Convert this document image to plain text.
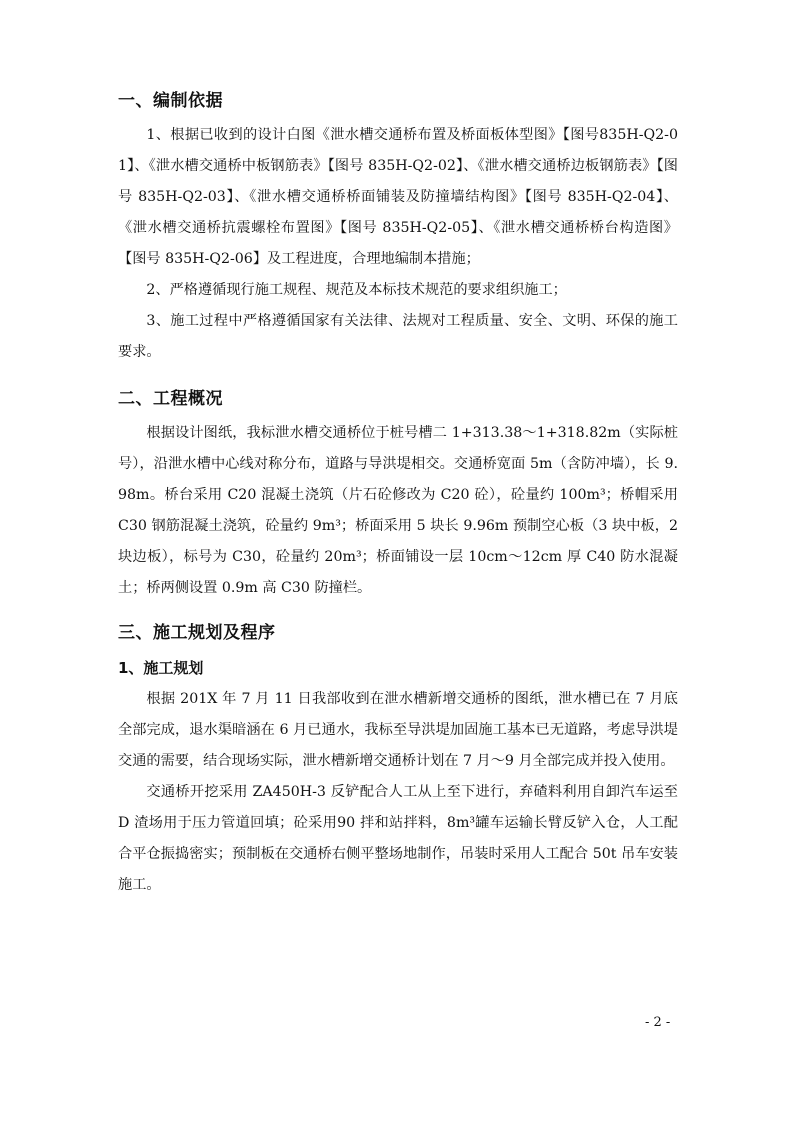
一、编制依据

1、根据已收到的设计白图《泄水槽交通桥布置及桥面板体型图》【图号835H-Q2-01】、《泄水槽交通桥中板钢筋表》【图号 835H-Q2-02】、《泄水槽交通桥边板钢筋表》【图号 835H-Q2-03】、《泄水槽交通桥桥面铺装及防撞墙结构图》【图号 835H-Q2-04】、《泄水槽交通桥抗震螺栓布置图》【图号 835H-Q2-05】、《泄水槽交通桥桥台构造图》【图号 835H-Q2-06】及工程进度，合理地编制本措施；

2、严格遵循现行施工规程、规范及本标技术规范的要求组织施工；

3、施工过程中严格遵循国家有关法律、法规对工程质量、安全、文明、环保的施工要求。

二、工程概况

根据设计图纸，我标泄水槽交通桥位于桩号槽二 1+313.38～1+318.82m（实际桩号），沿泄水槽中心线对称分布，道路与导洪堤相交。交通桥宽面 5m（含防冲墙），长 9.98m。桥台采用 C20 混凝土浇筑（片石砼修改为 C20 砼），砼量约 100m³；桥帽采用 C30 钢筋混凝土浇筑，砼量约 9m³；桥面采用 5 块长 9.96m 预制空心板（3 块中板，2 块边板），标号为 C30，砼量约 20m³；桥面铺设一层 10cm～12cm 厚 C40 防水混凝土；桥两侧设置 0.9m 高 C30 防撞栏。

三、施工规划及程序
1、施工规划

根据 201X 年 7 月 11 日我部收到在泄水槽新增交通桥的图纸，泄水槽已在 7 月底全部完成，退水渠暗涵在 6 月已通水，我标至导洪堤加固施工基本已无道路，考虑导洪堤交通的需要，结合现场实际，泄水槽新增交通桥计划在 7 月～9 月全部完成并投入使用。

交通桥开挖采用 ZA450H-3 反铲配合人工从上至下进行，弃碴料利用自卸汽车运至 D 渣场用于压力管道回填；砼采用90 拌和站拌料，8m³罐车运输长臂反铲入仓，人工配合平仓振捣密实；预制板在交通桥右侧平整场地制作，吊装时采用人工配合 50t 吊车安装施工。

- 2 -
